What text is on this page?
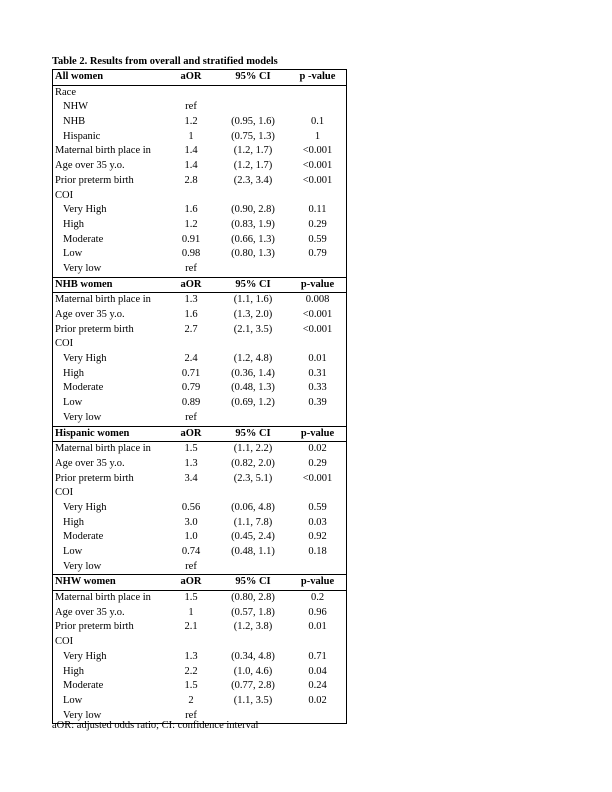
Table 2. Results from overall and stratified models
All women	aOR	95% CI	p -value
Race
NHW	ref
NHB	1.2	(0.95, 1.6)	0.1
Hispanic	1	(0.75, 1.3)	1
Maternal birth place in	1.4	(1.2, 1.7)	<0.001
Age over 35 y.o.	1.4	(1.2, 1.7)	<0.001
Prior preterm birth	2.8	(2.3, 3.4)	<0.001
COI
Very High	1.6	(0.90, 2.8)	0.11
High	1.2	(0.83, 1.9)	0.29
Moderate	0.91	(0.66, 1.3)	0.59
Low	0.98	(0.80, 1.3)	0.79
Very low	ref
NHB women	aOR	95% CI	p-value
Maternal birth place in	1.3	(1.1, 1.6)	0.008
Age over 35 y.o.	1.6	(1.3, 2.0)	<0.001
Prior preterm birth	2.7	(2.1, 3.5)	<0.001
COI
Very High	2.4	(1.2, 4.8)	0.01
High	0.71	(0.36, 1.4)	0.31
Moderate	0.79	(0.48, 1.3)	0.33
Low	0.89	(0.69, 1.2)	0.39
Very low	ref
Hispanic women	aOR	95% CI	p-value
Maternal birth place in	1.5	(1.1, 2.2)	0.02
Age over 35 y.o.	1.3	(0.82, 2.0)	0.29
Prior preterm birth	3.4	(2.3, 5.1)	<0.001
COI
Very High	0.56	(0.06, 4.8)	0.59
High	3.0	(1.1, 7.8)	0.03
Moderate	1.0	(0.45, 2.4)	0.92
Low	0.74	(0.48, 1.1)	0.18
Very low	ref
NHW women	aOR	95% CI	p-value
Maternal birth place in	1.5	(0.80, 2.8)	0.2
Age over 35 y.o.	1	(0.57, 1.8)	0.96
Prior preterm birth	2.1	(1.2, 3.8)	0.01
COI
Very High	1.3	(0.34, 4.8)	0.71
High	2.2	(1.0, 4.6)	0.04
Moderate	1.5	(0.77, 2.8)	0.24
Low	2	(1.1, 3.5)	0.02
Very low	ref
aOR: adjusted odds ratio; CI: confidence interval
